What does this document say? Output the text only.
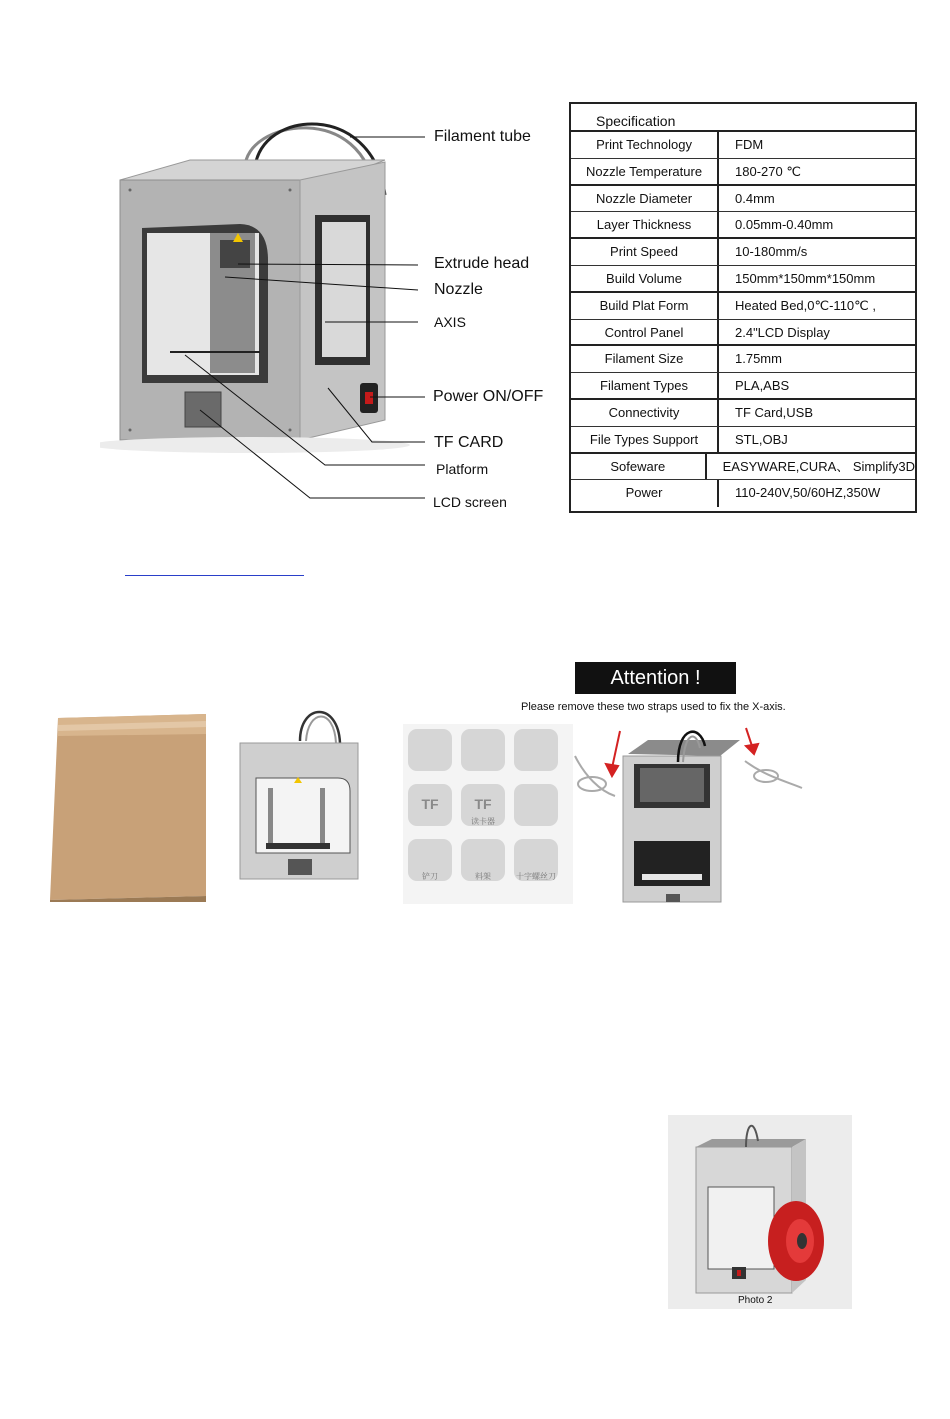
Filament tube
Extrude head
Nozzle
AXIS
Power ON/OFF
TF CARD
Platform
LCD screen
Specification
Print Technology	FDM
Nozzle Temperature	180-270 ℃
Nozzle Diameter	0.4mm
Layer Thickness	0.05mm-0.40mm
Print Speed	10-180mm/s
Build Volume	150mm*150mm*150mm
Build Plat Form	Heated Bed,0℃-110℃ ,
Control Panel	2.4"LCD Display
Filament Size	1.75mm
Filament Types	PLA,ABS
Connectivity	TF Card,USB
File Types Support	STL,OBJ
Sofeware	EASYWARE,CURA、 Simplify3D
Power	110-240V,50/60HZ,350W
TF	TF
读卡器
铲刀	料架	十字螺丝刀
Attention !
Please remove these two straps used to fix the X-axis.
Photo 2
